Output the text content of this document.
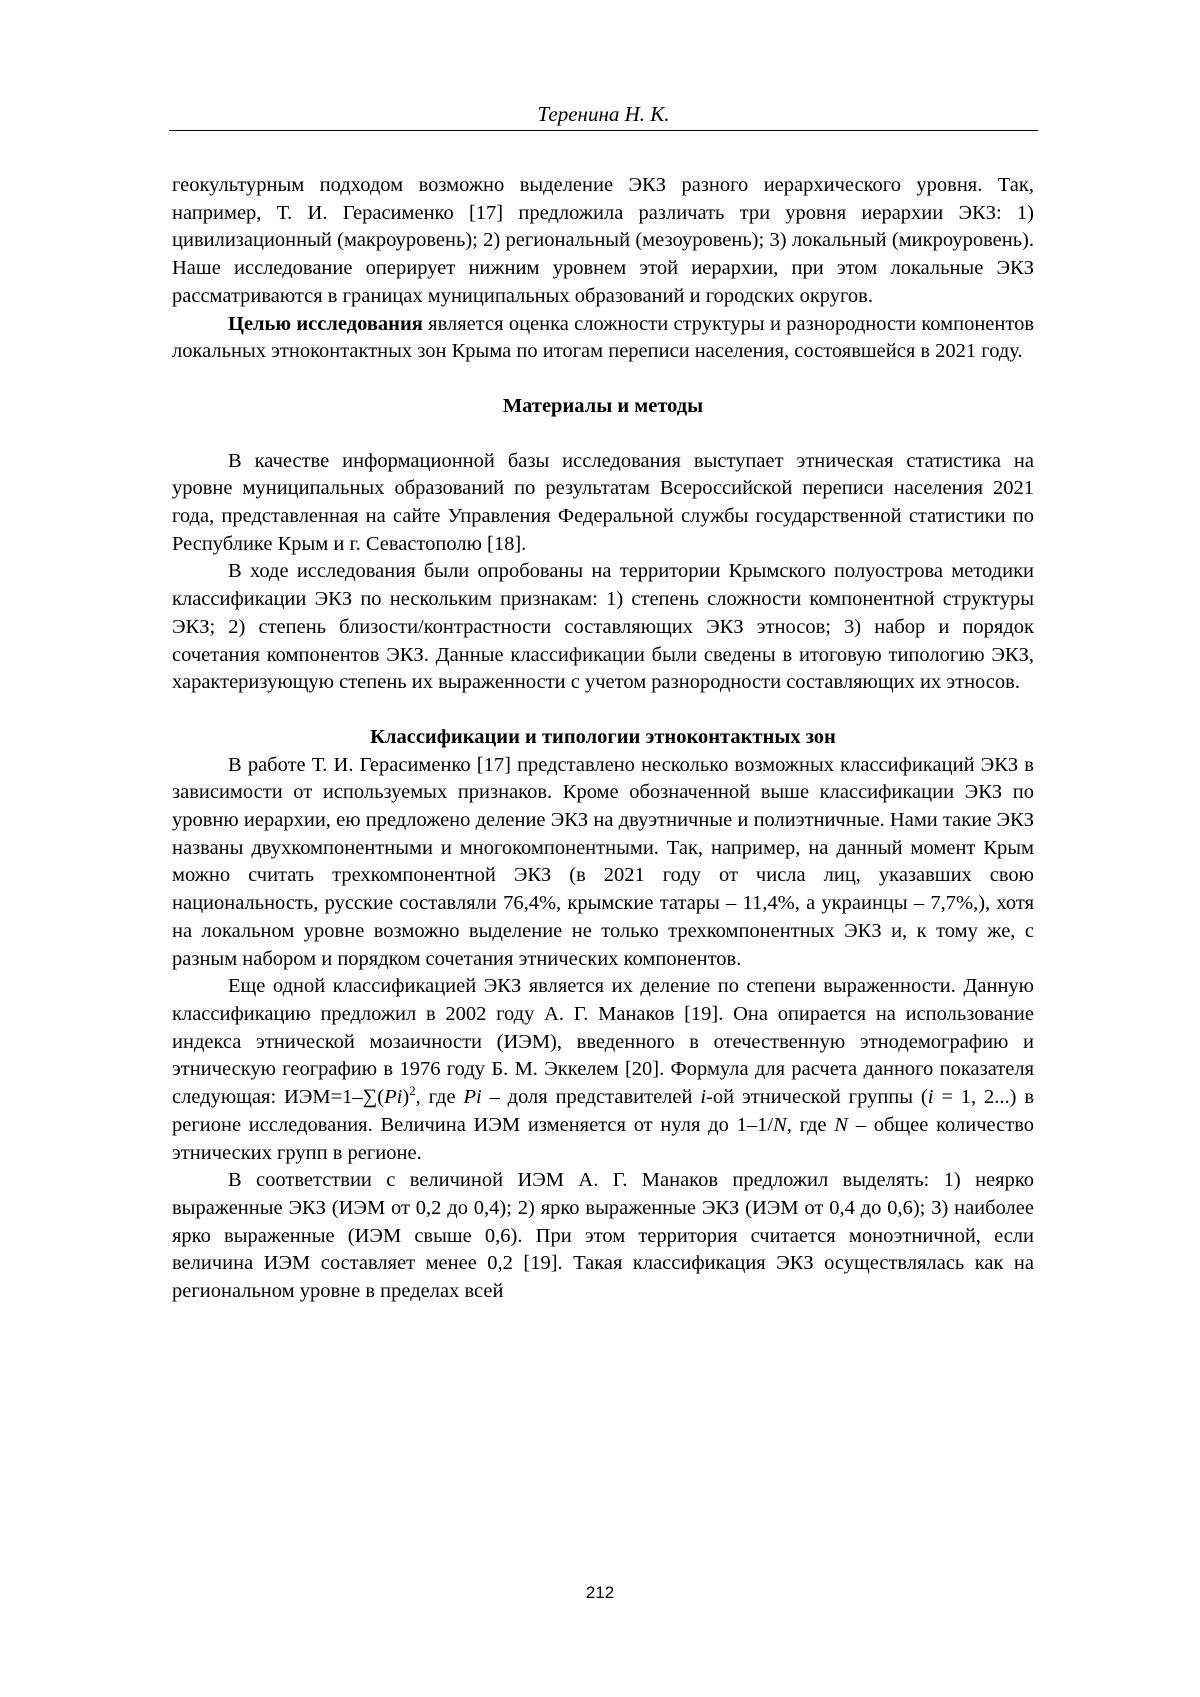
Теренина Н. К.

геокультурным подходом возможно выделение ЭКЗ разного иерархического уровня. Так, например, Т. И. Герасименко [17] предложила различать три уровня иерархии ЭКЗ: 1) цивилизационный (макроуровень); 2) региональный (мезоуровень); 3) локальный (микроуровень). Наше исследование оперирует нижним уровнем этой иерархии, при этом локальные ЭКЗ рассматриваются в границах муниципальных образований и городских округов.

Целью исследования является оценка сложности структуры и разнородности компонентов локальных этноконтактных зон Крыма по итогам переписи населения, состоявшейся в 2021 году.

Материалы и методы

В качестве информационной базы исследования выступает этническая статистика на уровне муниципальных образований по результатам Всероссийской переписи населения 2021 года, представленная на сайте Управления Федеральной службы государственной статистики по Республике Крым и г. Севастополю [18].

В ходе исследования были опробованы на территории Крымского полуострова методики классификации ЭКЗ по нескольким признакам: 1) степень сложности компонентной структуры ЭКЗ; 2) степень близости/контрастности составляющих ЭКЗ этносов; 3) набор и порядок сочетания компонентов ЭКЗ. Данные классификации были сведены в итоговую типологию ЭКЗ, характеризующую степень их выраженности с учетом разнородности составляющих их этносов.

Классификации и типологии этноконтактных зон

В работе Т. И. Герасименко [17] представлено несколько возможных классификаций ЭКЗ в зависимости от используемых признаков. Кроме обозначенной выше классификации ЭКЗ по уровню иерархии, ею предложено деление ЭКЗ на двуэтничные и полиэтничные. Нами такие ЭКЗ названы двухкомпонентными и многокомпонентными. Так, например, на данный момент Крым можно считать трехкомпонентной ЭКЗ (в 2021 году от числа лиц, указавших свою национальность, русские составляли 76,4%, крымские татары – 11,4%, а украинцы – 7,7%,), хотя на локальном уровне возможно выделение не только трехкомпонентных ЭКЗ и, к тому же, с разным набором и порядком сочетания этнических компонентов.

Еще одной классификацией ЭКЗ является их деление по степени выраженности. Данную классификацию предложил в 2002 году А. Г. Манаков [19]. Она опирается на использование индекса этнической мозаичности (ИЭМ), введенного в отечественную этнодемографию и этническую географию в 1976 году Б. М. Эккелем [20]. Формула для расчета данного показателя следующая: $ИЭМ=1-\sum(Pi)^2$, где Pi – доля представителей i-ой этнической группы (i = 1, 2...) в регионе исследования. Величина ИЭМ изменяется от нуля до 1–1/N, где N – общее количество этнических групп в регионе.

В соответствии с величиной ИЭМ А. Г. Манаков предложил выделять: 1) неярко выраженные ЭКЗ (ИЭМ от 0,2 до 0,4); 2) ярко выраженные ЭКЗ (ИЭМ от 0,4 до 0,6); 3) наиболее ярко выраженные (ИЭМ свыше 0,6). При этом территория считается моноэтничной, если величина ИЭМ составляет менее 0,2 [19]. Такая классификация ЭКЗ осуществлялась как на региональном уровне в пределах всей

212
